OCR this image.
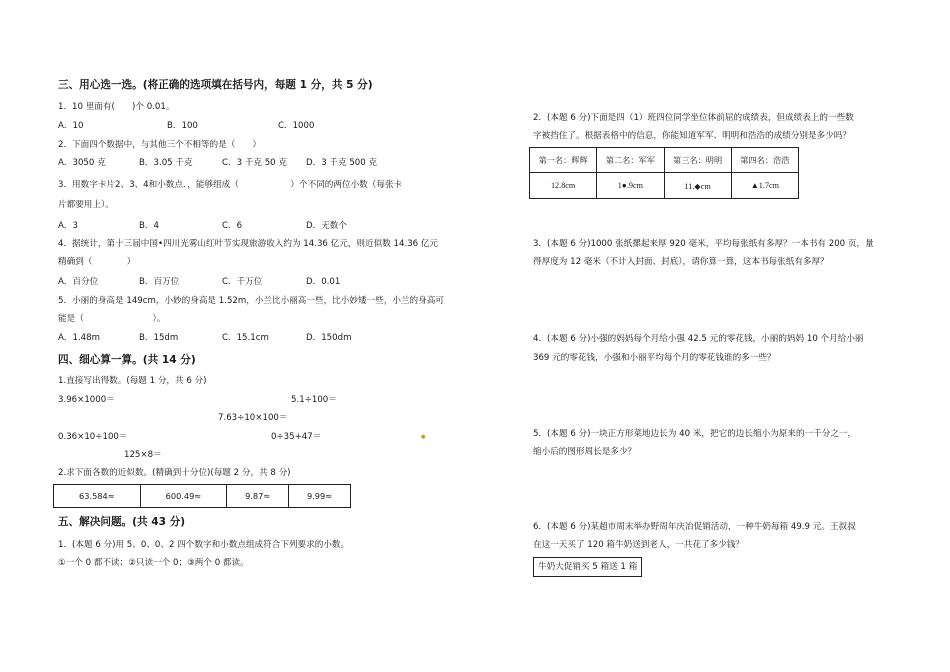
三、用心选一选。(将正确的选项填在括号内，每题 1 分，共 5 分)
1．10 里面有(　　)个 0.01。
A．10	B．100	C．1000
2．下面四个数据中，与其他三个不相等的是（　　）
A．3050 克	B．3.05 千克	C．3 千克 50 克 D．3 千克 500 克
3．用数字卡片2、3、4和小数点．，能够组成（　　　　　　）个不同的两位小数（每张卡
片都要用上）。
A．3	B．4	C．6	D．无数个
4．据统计，第十三届中国•四川光雾山红叶节实现旅游收入约为 14.36 亿元，则近似数 14.36 亿元
精确到（　　　　）
A．百分位	B．百万位	C．千万位	D．0.01
5．小丽的身高是 149cm，小妙的身高是 1.52m，小兰比小丽高一些，比小妙矮一些，小兰的身高可
能是（　　　　　　　　）。
A．1.48m	B．15dm	C．15.1cm	D．150dm
四、细心算一算。(共 14 分)
1.直接写出得数。(每题 1 分，共 6 分)
3.96×1000＝	5.1÷100＝
7.63÷10×100＝
0.36×10÷100＝	0÷35+47＝
125×8＝
●
2.求下面各数的近似数。(精确到十分位)(每题 2 分，共 8 分)
63.584≈	600.49≈	9.87≈	9.99≈
五、解决问题。(共 43 分)
1．(本题 6 分)用 5、0、0、2 四个数字和小数点组成符合下列要求的小数。
①一个 0 都不读；②只读一个 0；③两个 0 都读。
2．(本题 6 分)下面是四（1）班四位同学坐位体前屈的成绩表，但成绩表上的一些数
字被挡住了。根据表格中的信息，你能知道军军、明明和浩浩的成绩分别是多少吗？
第一名：辉辉	第二名：军军	第三名：明明	第四名：浩浩
12.8cm	1●.9cm	11.◆cm	▲1.7cm
3．(本题 6 分)1000 张纸摞起来厚 920 毫米，平均每张纸有多厚？一本书有 200 页，量
得厚度为 12 毫米（不计入封面、封底），请你算一算，这本书每张纸有多厚？
4．(本题 6 分)小强的妈妈每个月给小强 42.5 元的零花钱，小丽的妈妈 10 个月给小丽
369 元的零花钱，小强和小丽平均每个月的零花钱谁的多一些？
5．(本题 6 分)一块正方形菜地边长为 40 米，把它的边长缩小为原来的一千分之一，
缩小后的图形周长是多少？
6．(本题 6 分)某超市周末举办野周年庆冶促销活动，一种牛奶每箱 49.9 元。王叔叔
在这一天买了 120 箱牛奶送到老人，一共花了多少钱？
牛奶大促销买 5 箱送 1 箱
